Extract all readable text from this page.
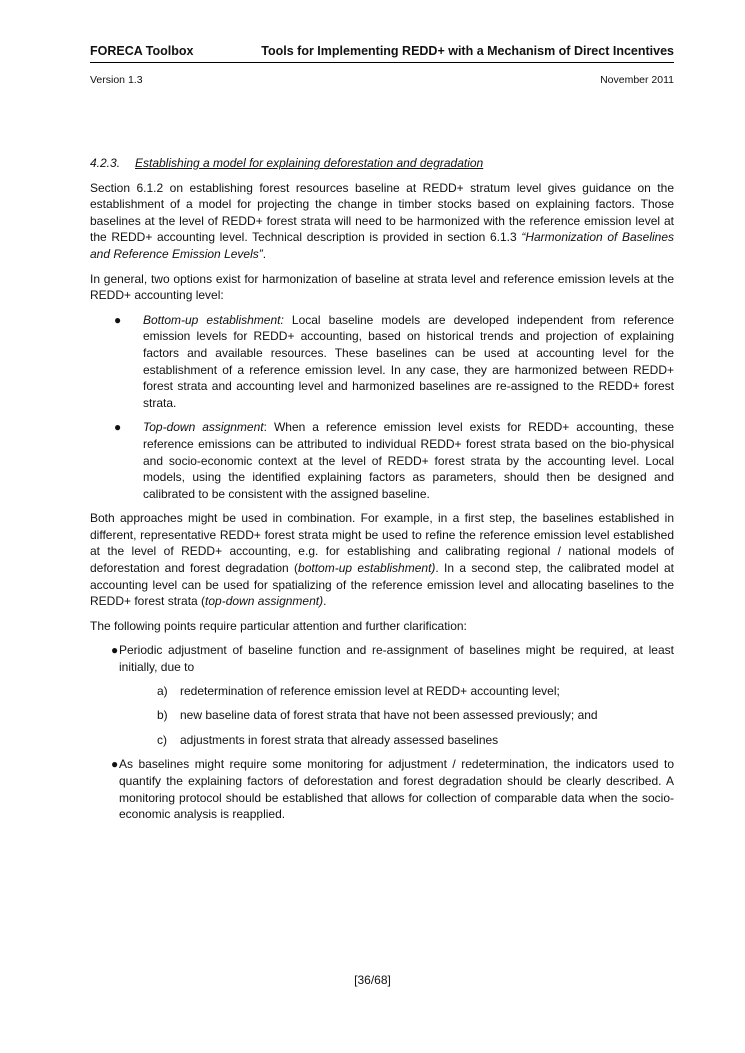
FORECA Toolbox	Tools for Implementing REDD+ with a Mechanism of Direct Incentives
Version 1.3	November 2011

4.2.3. Establishing a model for explaining deforestation and degradation

Section 6.1.2 on establishing forest resources baseline at REDD+ stratum level gives guidance on the establishment of a model for projecting the change in timber stocks based on explaining factors. Those baselines at the level of REDD+ forest strata will need to be harmonized with the reference emission level at the REDD+ accounting level. Technical description is provided in section 6.1.3 “Harmonization of Baselines and Reference Emission Levels”.

In general, two options exist for harmonization of baseline at strata level and reference emission levels at the REDD+ accounting level:

● Bottom-up establishment: Local baseline models are developed independent from reference emission levels for REDD+ accounting, based on historical trends and projection of explaining factors and available resources. These baselines can be used at accounting level for the establishment of a reference emission level. In any case, they are harmonized between REDD+ forest strata and accounting level and harmonized baselines are re-assigned to the REDD+ forest strata.
● Top-down assignment: When a reference emission level exists for REDD+ accounting, these reference emissions can be attributed to individual REDD+ forest strata based on the bio-physical and socio-economic context at the level of REDD+ forest strata by the accounting level. Local models, using the identified explaining factors as parameters, should then be designed and calibrated to be consistent with the assigned baseline.

Both approaches might be used in combination. For example, in a first step, the baselines established in different, representative REDD+ forest strata might be used to refine the reference emission level established at the level of REDD+ accounting, e.g. for establishing and calibrating regional / national models of deforestation and forest degradation (bottom-up establishment). In a second step, the calibrated model at accounting level can be used for spatializing of the reference emission level and allocating baselines to the REDD+ forest strata (top-down assignment).

The following points require particular attention and further clarification:

● Periodic adjustment of baseline function and re-assignment of baselines might be required, at least initially, due to
a) redetermination of reference emission level at REDD+ accounting level;
b) new baseline data of forest strata that have not been assessed previously; and
c) adjustments in forest strata that already assessed baselines
● As baselines might require some monitoring for adjustment / redetermination, the indicators used to quantify the explaining factors of deforestation and forest degradation should be clearly described. A monitoring protocol should be established that allows for collection of comparable data when the socio-economic analysis is reapplied.
[36/68]
